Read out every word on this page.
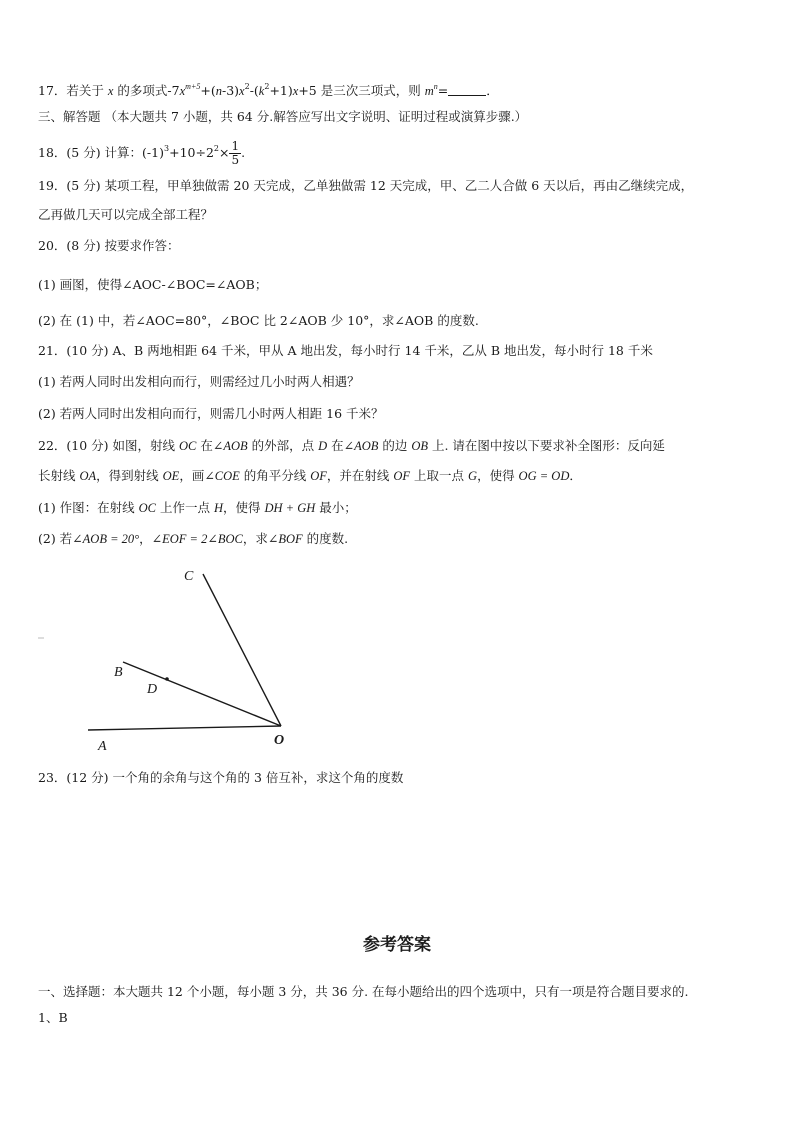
17．若关于 x 的多项式$-7x^{m+5}+(n-3)x^2-(k^2+1)x+5$ 是三次三项式，则 $m^n=$	．
三、解答题 （本大题共 7 小题，共 64 分.解答应写出文字说明、证明过程或演算步骤.）
18．(5 分) 计算：$(-1)^3+10\div 2^2\times \frac{1}{5}$ .
19．(5 分) 某项工程，甲单独做需 20 天完成，乙单独做需 12 天完成，甲、乙二人合做 6 天以后，再由乙继续完成，
乙再做几天可以完成全部工程？
20．(8 分) 按要求作答：
(1) 画图，使得∠AOC-∠BOC=∠AOB；
(2) 在 (1) 中，若∠AOC=80°，∠BOC 比 2∠AOB 少 10°，求∠AOB 的度数.
21．(10 分) A、B 两地相距 64 千米，甲从 A 地出发，每小时行 14 千米，乙从 B 地出发，每小时行 18 千米
(1) 若两人同时出发相向而行，则需经过几小时两人相遇？
(2) 若两人同时出发相向而行，则需几小时两人相距 16 千米？
22．(10 分) 如图，射线 OC 在∠AOB 的外部，点 D 在∠AOB 的边 OB 上. 请在图中按以下要求补全图形：反向延
长射线 OA，得到射线 OE，画∠COE 的角平分线 OF，并在射线 OF 上取一点 G，使得 OG = OD．
(1) 作图：在射线 OC 上作一点 H，使得 DH + GH 最小；
(2) 若∠AOB = 20°，∠EOF = 2∠BOC，求∠BOF 的度数.
C
B
D
A	O
23．(12 分) 一个角的余角与这个角的 3 倍互补，求这个角的度数
参考答案
一、选择题：本大题共 12 个小题，每小题 3 分，共 36 分. 在每小题给出的四个选项中，只有一项是符合题目要求的.
1、B
